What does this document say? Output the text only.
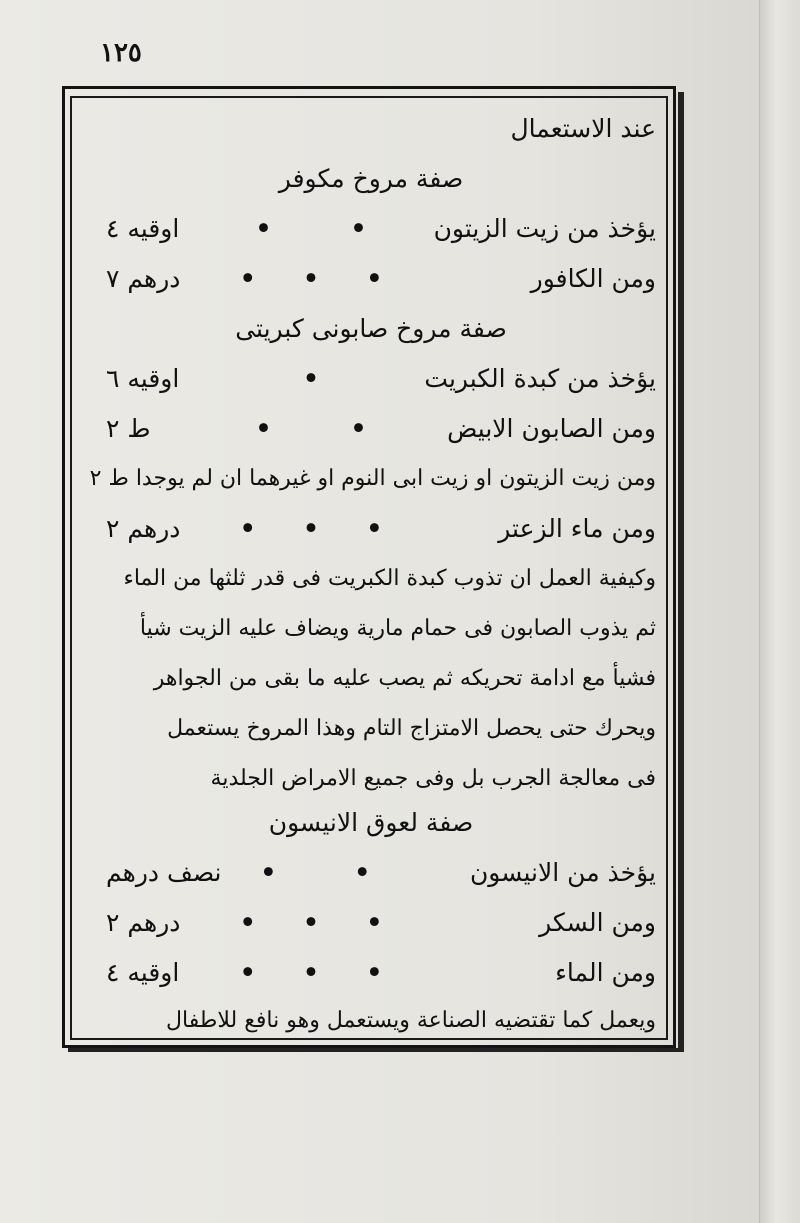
١٢٥
عند الاستعمال
صفة مروخ مكوفر
يؤخذ من زيت الزيتون
•
•
اوقيه ٤
ومن الكافور
•
•
•
درهم ٧
صفة مروخ صابونى كبريتى
يؤخذ من كبدة الكبريت
•
اوقيه ٦
ومن الصابون الابيض
•
•
ط ٢
ومن زيت الزيتون او زيت ابى النوم او غيرهما ان لم يوجدا ط ٢
ومن ماء الزعتر
•
•
•
درهم ٢
وكيفية العمل ان تذوب كبدة الكبريت فى قدر ثلثها من الماء
ثم يذوب الصابون فى حمام مارية ويضاف عليه الزيت شيأ
فشيأ مع ادامة تحريكه ثم يصب عليه ما بقى من الجواهر
ويحرك حتى يحصل الامتزاج التام وهذا المروخ يستعمل
فى معالجة الجرب بل وفى جميع الامراض الجلدية
صفة لعوق الانيسون
يؤخذ من الانيسون
•
•
نصف درهم
ومن السكر
•
•
•
درهم ٢
ومن الماء
•
•
•
اوقيه ٤
ويعمل كما تقتضيه الصناعة ويستعمل وهو نافع للاطفال
